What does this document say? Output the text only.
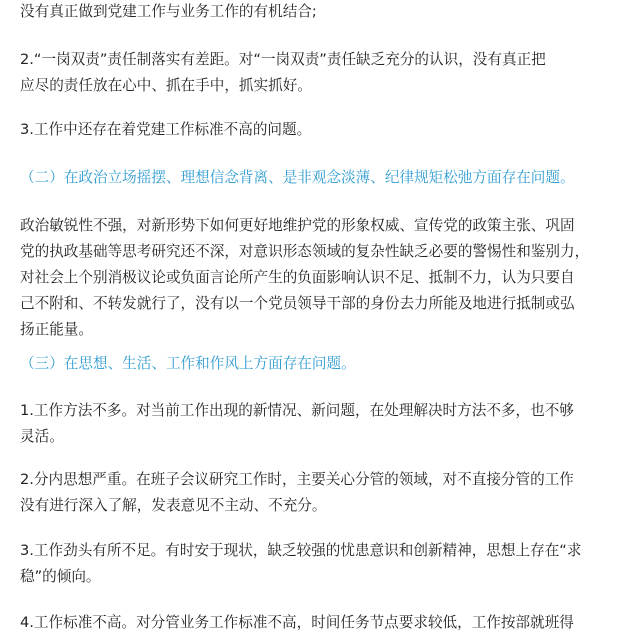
没有真正做到党建工作与业务工作的有机结合;
2.“一岗双责”责任制落实有差距。对“一岗双责”责任缺乏充分的认识，没有真正把
应尽的责任放在心中、抓在手中，抓实抓好。
3.工作中还存在着党建工作标准不高的问题。
（二）在政治立场摇摆、理想信念背离、是非观念淡薄、纪律规矩松弛方面存在问题。
政治敏锐性不强，对新形势下如何更好地维护党的形象权威、宣传党的政策主张、巩固
党的执政基础等思考研究还不深，对意识形态领域的复杂性缺乏必要的警惕性和鉴别力，
对社会上个别消极议论或负面言论所产生的负面影响认识不足、抵制不力，认为只要自
己不附和、不转发就行了，没有以一个党员领导干部的身份去力所能及地进行抵制或弘
扬正能量。
（三）在思想、生活、工作和作风上方面存在问题。
1.工作方法不多。对当前工作出现的新情况、新问题，在处理解决时方法不多，也不够
灵活。
2.分内思想严重。在班子会议研究工作时，主要关心分管的领域，对不直接分管的工作
没有进行深入了解，发表意见不主动、不充分。
3.工作劲头有所不足。有时安于现状，缺乏较强的忧患意识和创新精神，思想上存在“求
稳”的倾向。
4.工作标准不高。对分管业务工作标准不高，时间任务节点要求较低，工作按部就班得
